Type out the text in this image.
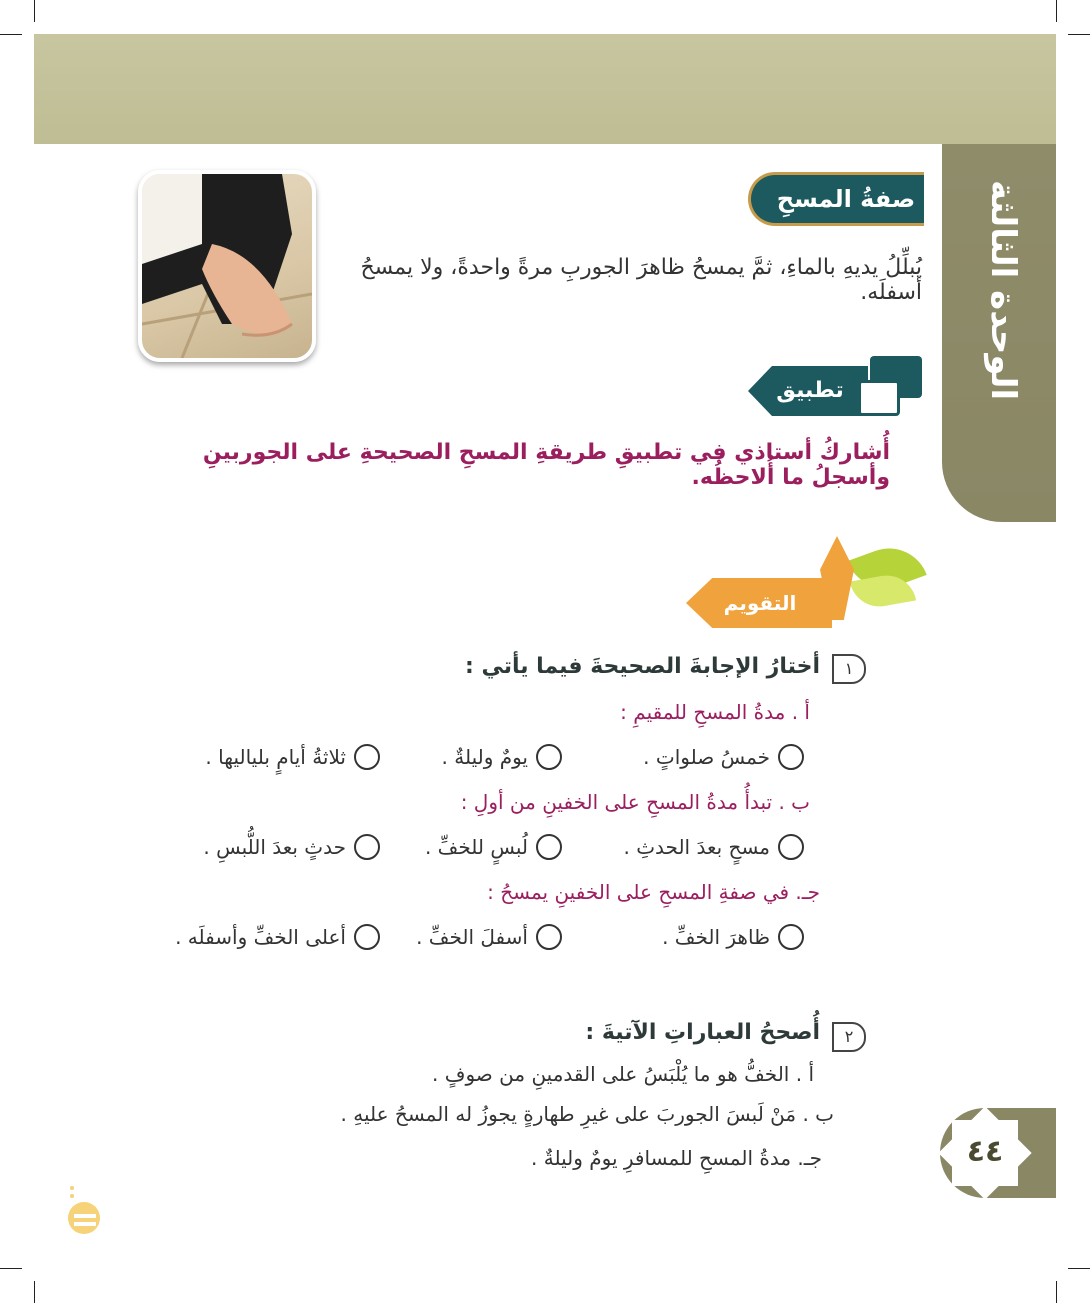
الوحدة الثالثة
صفةُ المسحِ
يُبلِّلُ يديهِ بالماءِ، ثمَّ يمسحُ ظاهرَ الجوربِ مرةً واحدةً، ولا يمسحُ أسفلَه.
تطبيق
أُشاركُ أستاذي في تطبيقِ طريقةِ المسحِ الصحيحةِ على الجوربينِ وأسجلُ ما أُلاحظُه.
التقويم
١
أختارُ الإجابةَ الصحيحةَ فيما يأتي :
أ . مدةُ المسحِ للمقيمِ :
خمسُ صلواتٍ .
يومٌ وليلةٌ .
ثلاثةُ أيامٍ بلياليها .
ب . تبدأُ مدةُ المسحِ على الخفينِ من أولِ :
مسحٍ بعدَ الحدثِ .
لُبسٍ للخفِّ .
حدثٍ بعدَ اللُّبسِ .
جـ. في صفةِ المسحِ على الخفينِ يمسحُ :
ظاهرَ الخفِّ .
أسفلَ الخفِّ .
أعلى الخفِّ وأسفلَه .
٢
أُصححُ العباراتِ الآتيةَ :
أ . الخفُّ هو ما يُلْبَسُ على القدمينِ من صوفٍ .
ب . مَنْ لَبسَ الجوربَ على غيرِ طهارةٍ يجوزُ له المسحُ عليهِ .
جـ. مدةُ المسحِ للمسافرِ يومٌ وليلةٌ .	٤٤
